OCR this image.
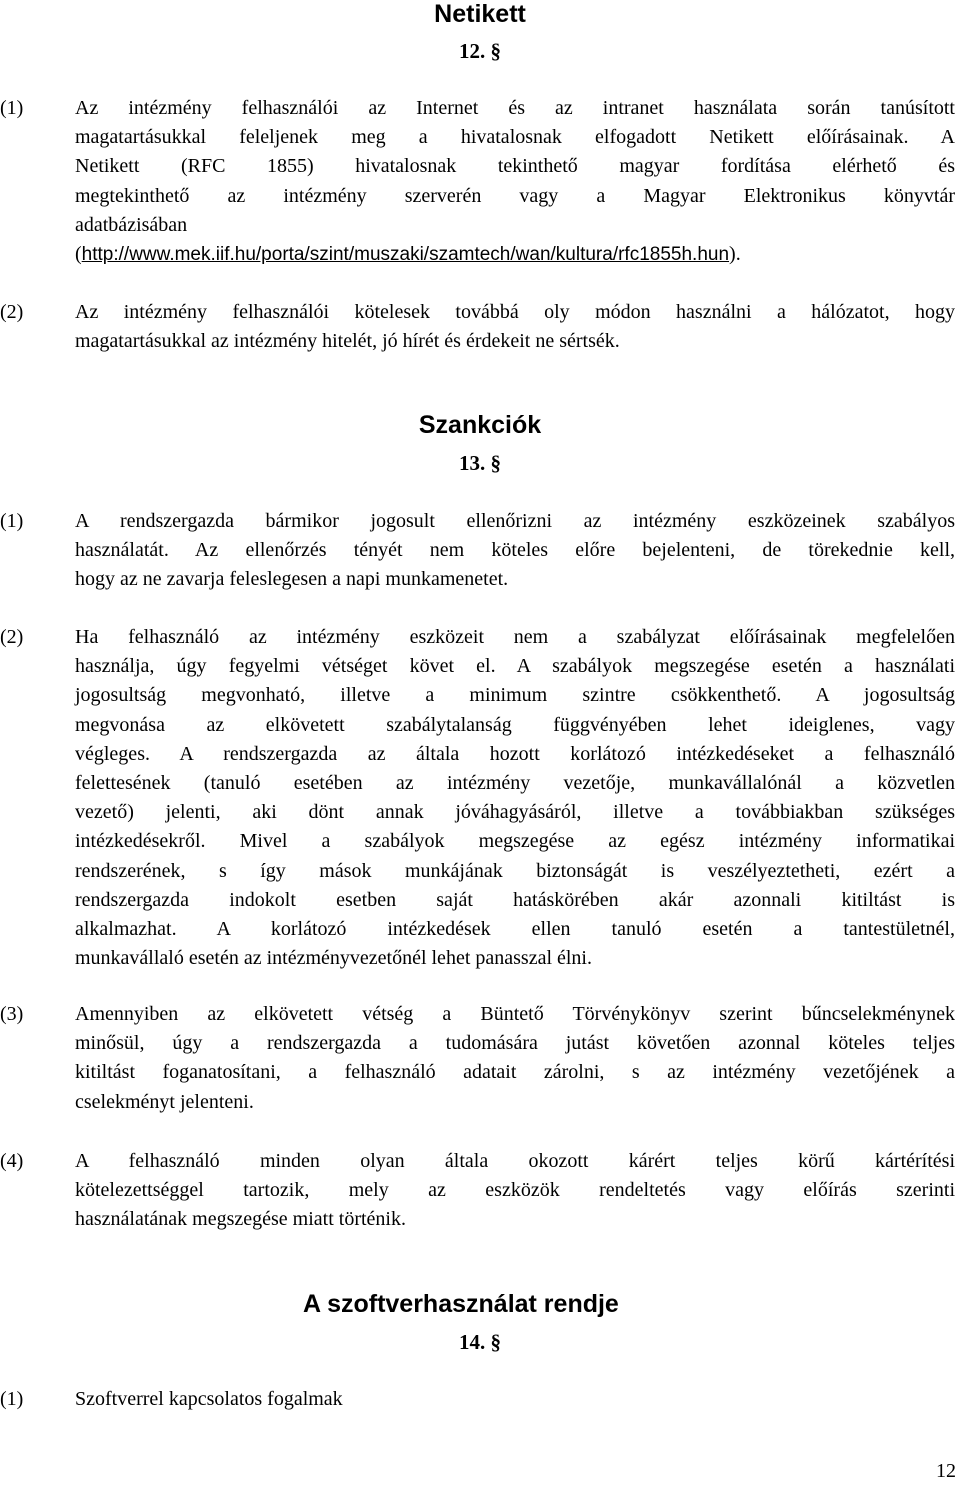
Netikett
12. §
(1)	Az intézmény felhasználói az Internet és az intranet használata során tanúsított
magatartásukkal feleljenek meg a hivatalosnak elfogadott Netikett előírásainak. A
Netikett (RFC 1855) hivatalosnak tekinthető magyar fordítása elérhető és
megtekinthető az intézmény szerverén vagy a Magyar Elektronikus könyvtár
adatbázisában
(http://www.mek.iif.hu/porta/szint/muszaki/szamtech/wan/kultura/rfc1855h.hun).
(2)	Az intézmény felhasználói kötelesek továbbá oly módon használni a hálózatot, hogy
magatartásukkal az intézmény hitelét, jó hírét és érdekeit ne sértsék.
Szankciók
13. §
(1)	A rendszergazda bármikor jogosult ellenőrizni az intézmény eszközeinek szabályos
használatát. Az ellenőrzés tényét nem köteles előre bejelenteni, de törekednie kell,
hogy az ne zavarja feleslegesen a napi munkamenetet.
(2)	Ha felhasználó az intézmény eszközeit nem a szabályzat előírásainak megfelelően
használja, úgy fegyelmi vétséget követ el. A szabályok megszegése esetén a használati
jogosultság megvonható, illetve a minimum szintre csökkenthető. A jogosultság
megvonása az elkövetett szabálytalanság függvényében lehet ideiglenes, vagy
végleges. A rendszergazda az általa hozott korlátozó intézkedéseket a felhasználó
felettesének (tanuló esetében az intézmény vezetője, munkavállalónál a közvetlen
vezető) jelenti, aki dönt annak jóváhagyásáról, illetve a továbbiakban szükséges
intézkedésekről. Mivel a szabályok megszegése az egész intézmény informatikai
rendszerének, s így mások munkájának biztonságát is veszélyeztetheti, ezért a
rendszergazda indokolt esetben saját hatáskörében akár azonnali kitiltást is
alkalmazhat. A korlátozó intézkedések ellen tanuló esetén a tantestületnél,
munkavállaló esetén az intézményvezetőnél lehet panasszal élni.
(3)	Amennyiben az elkövetett vétség a Büntető Törvénykönyv szerint bűncselekménynek
minősül, úgy a rendszergazda a tudomására jutást követően azonnal köteles teljes
kitiltást foganatosítani, a felhasználó adatait zárolni, s az intézmény vezetőjének a
cselekményt jelenteni.
(4)	A felhasználó minden olyan általa okozott kárért teljes körű kártérítési
kötelezettséggel tartozik, mely az eszközök rendeltetés vagy előírás szerinti
használatának megszegése miatt történik.
A szoftverhasználat rendje
14. §
(1)	Szoftverrel kapcsolatos fogalmak
12
